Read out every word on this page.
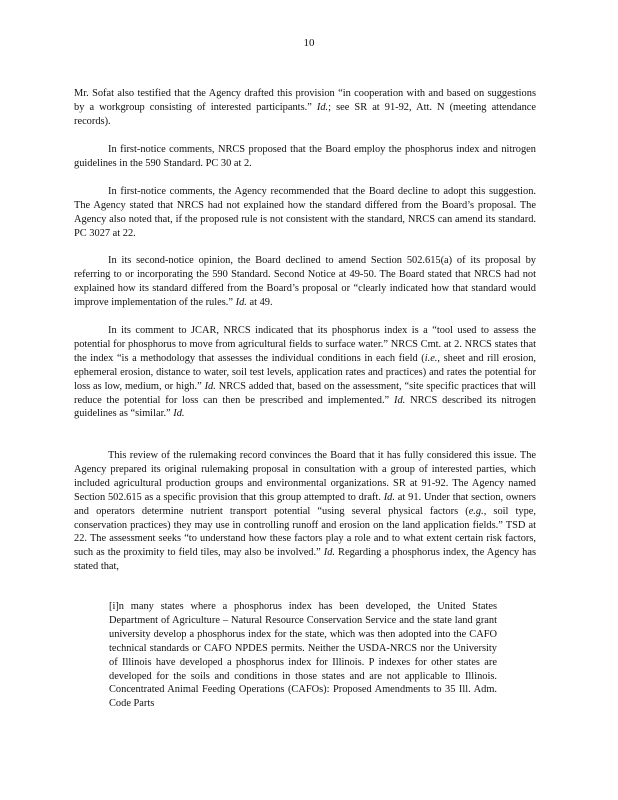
10

Mr. Sofat also testified that the Agency drafted this provision “in cooperation with and based on suggestions by a workgroup consisting of interested participants.” Id.; see SR at 91-92, Att. N (meeting attendance records).

In first-notice comments, NRCS proposed that the Board employ the phosphorus index and nitrogen guidelines in the 590 Standard. PC 30 at 2.

In first-notice comments, the Agency recommended that the Board decline to adopt this suggestion. The Agency stated that NRCS had not explained how the standard differed from the Board’s proposal. The Agency also noted that, if the proposed rule is not consistent with the standard, NRCS can amend its standard. PC 3027 at 22.

In its second-notice opinion, the Board declined to amend Section 502.615(a) of its proposal by referring to or incorporating the 590 Standard. Second Notice at 49-50. The Board stated that NRCS had not explained how its standard differed from the Board’s proposal or “clearly indicated how that standard would improve implementation of the rules.” Id. at 49.

In its comment to JCAR, NRCS indicated that its phosphorus index is a “tool used to assess the potential for phosphorus to move from agricultural fields to surface water.” NRCS Cmt. at 2. NRCS states that the index “is a methodology that assesses the individual conditions in each field (i.e., sheet and rill erosion, ephemeral erosion, distance to water, soil test levels, application rates and practices) and rates the potential for loss as low, medium, or high.” Id. NRCS added that, based on the assessment, “site specific practices that will reduce the potential for loss can then be prescribed and implemented.” Id. NRCS described its nitrogen guidelines as “similar.” Id.

This review of the rulemaking record convinces the Board that it has fully considered this issue. The Agency prepared its original rulemaking proposal in consultation with a group of interested parties, which included agricultural production groups and environmental organizations. SR at 91-92. The Agency named Section 502.615 as a specific provision that this group attempted to draft. Id. at 91. Under that section, owners and operators determine nutrient transport potential “using several physical factors (e.g., soil type, conservation practices) they may use in controlling runoff and erosion on the land application fields.” TSD at 22. The assessment seeks “to understand how these factors play a role and to what extent certain risk factors, such as the proximity to field tiles, may also be involved.” Id. Regarding a phosphorus index, the Agency has stated that,

[i]n many states where a phosphorus index has been developed, the United States Department of Agriculture – Natural Resource Conservation Service and the state land grant university develop a phosphorus index for the state, which was then adopted into the CAFO technical standards or CAFO NPDES permits. Neither the USDA-NRCS nor the University of Illinois have developed a phosphorus index for Illinois. P indexes for other states are developed for the soils and conditions in those states and are not applicable to Illinois. Concentrated Animal Feeding Operations (CAFOs): Proposed Amendments to 35 Ill. Adm. Code Parts
